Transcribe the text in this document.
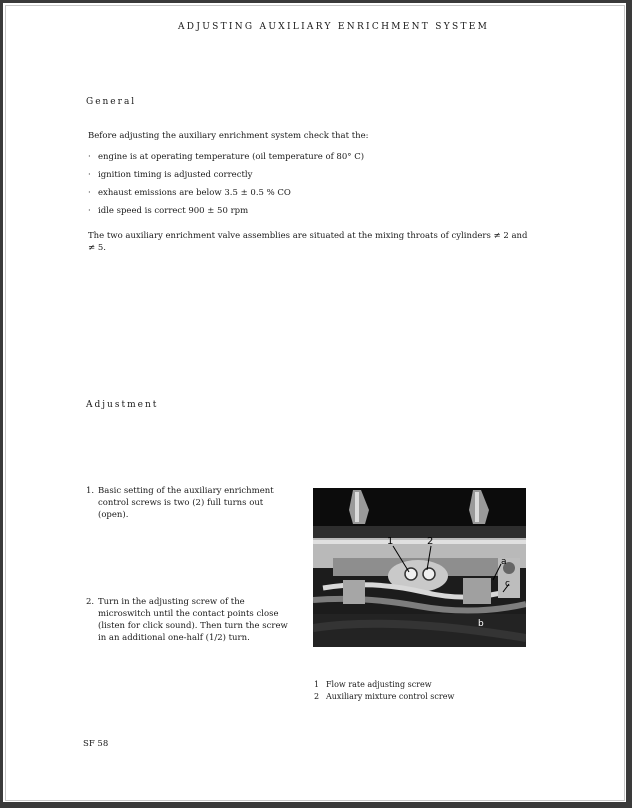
ADJUSTING AUXILIARY ENRICHMENT SYSTEM
General
Before adjusting the auxiliary enrichment system check that the:
· engine is at operating temperature (oil temperature of 80° C)
· ignition timing is adjusted correctly
· exhaust emissions are below 3.5 ± 0.5 % CO
· idle speed is correct 900 ± 50 rpm
The two auxiliary enrichment valve assemblies are situated at the mixing throats of cylinders ≠ 2 and
≠ 5.
Adjustment
1. Basic setting of the auxiliary enrichment
control screws is two (2) full turns out
(open).
2. Turn in the adjusting screw of the
microswitch until the contact points close
(listen for click sound). Then turn the screw
in an additional one-half (1/2) turn.
1	2
a
c
b
1 Flow rate adjusting screw
2 Auxiliary mixture control screw
SF 58
